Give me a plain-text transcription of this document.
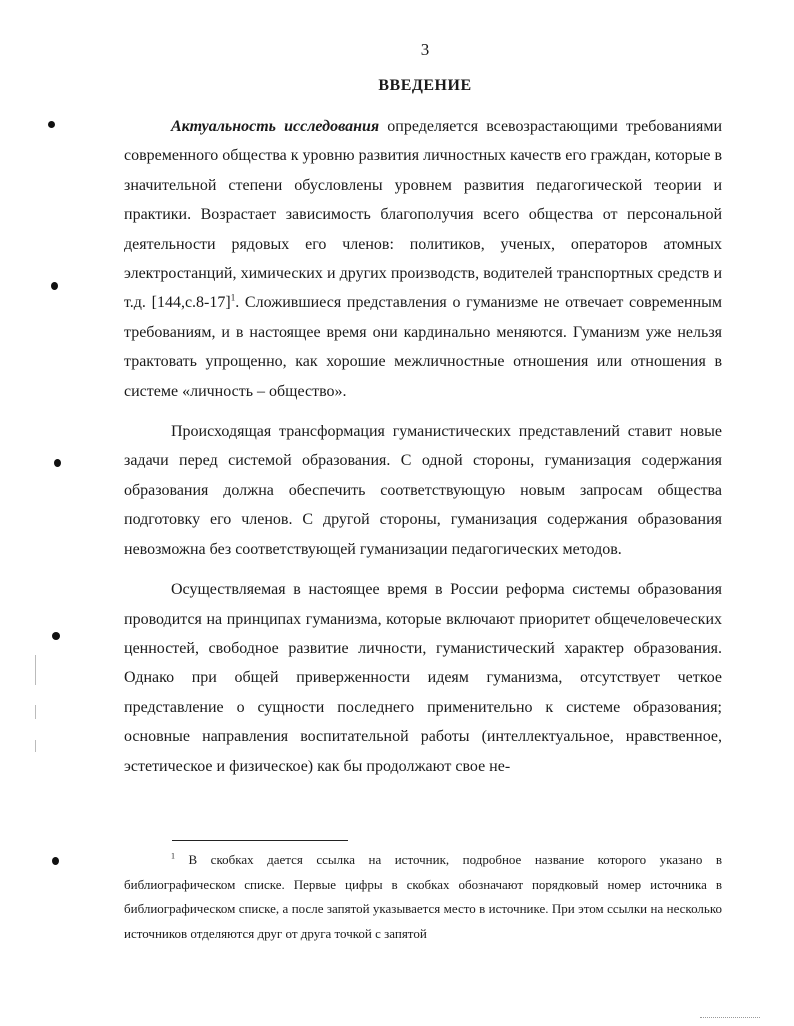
3
ВВЕДЕНИЕ

Актуальность исследования определяется всевозрастающими требованиями современного общества к уровню развития личностных качеств его граждан, которые в значительной степени обусловлены уровнем развития педагогической теории и практики. Возрастает зависимость благополучия всего общества от персональной деятельности рядовых его членов: политиков, ученых, операторов атомных электростанций, химических и других производств, водителей транспортных средств и т.д. $[144,с.8-17]^1$. Сложившиеся представления о гуманизме не отвечает современным требованиям, и в настоящее время они кардинально меняются. Гуманизм уже нельзя трактовать упрощенно, как хорошие межличностные отношения или отношения в системе «личность – общество».

Происходящая трансформация гуманистических представлений ставит новые задачи перед системой образования. С одной стороны, гуманизация содержания образования должна обеспечить соответствующую новым запросам общества подготовку его членов. С другой стороны, гуманизация содержания образования невозможна без соответствующей гуманизации педагогических методов.

Осуществляемая в настоящее время в России реформа системы образования проводится на принципах гуманизма, которые включают приоритет общечеловеческих ценностей, свободное развитие личности, гуманистический характер образования. Однако при общей приверженности идеям гуманизма, отсутствует четкое представление о сущности последнего применительно к системе образования; основные направления воспитательной работы (интеллектуальное, нравственное, эстетическое и физическое) как бы продолжают свое не-

$^1$ В скобках дается ссылка на источник, подробное название которого указано в библиографическом списке. Первые цифры в скобках обозначают порядковый номер источника в библиографическом списке, а после запятой указывается место в источнике. При этом ссылки на несколько источников отделяются друг от друга точкой с запятой
